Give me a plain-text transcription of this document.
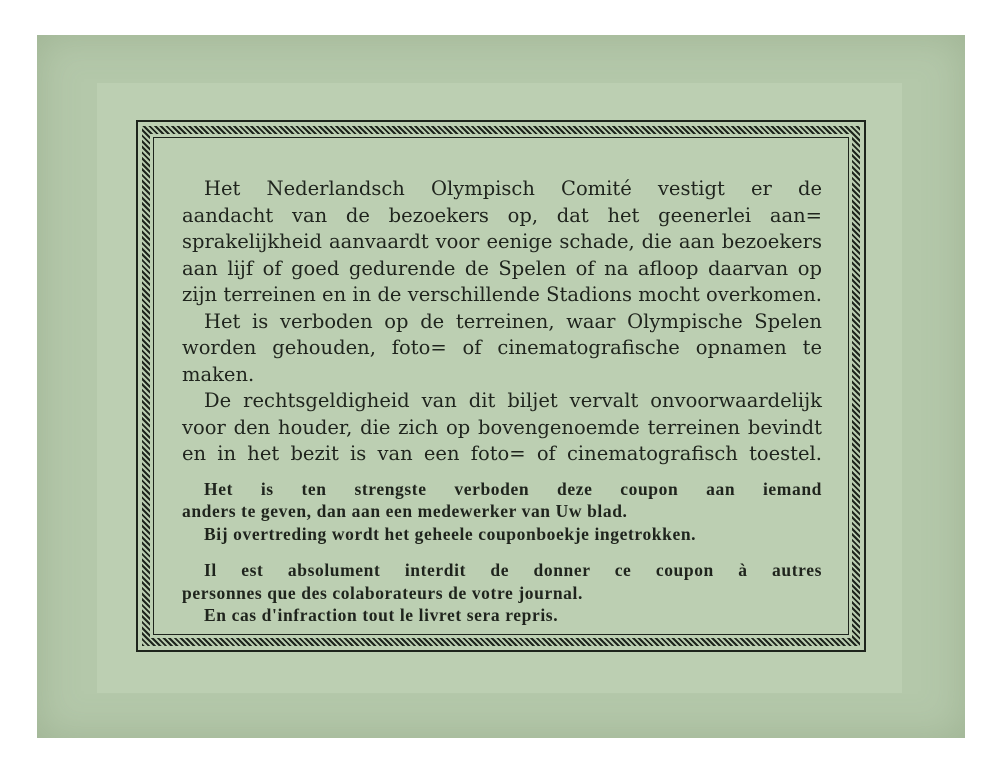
Het Nederlandsch Olympisch Comité vestigt er de
aandacht van de bezoekers op, dat het geenerlei aan=
sprakelijkheid aanvaardt voor eenige schade, die aan bezoekers
aan lijf of goed gedurende de Spelen of na afloop daarvan op
zijn terreinen en in de verschillende Stadions mocht overkomen.
Het is verboden op de terreinen, waar Olympische Spelen
worden gehouden, foto= of cinematografische opnamen te
maken.
De rechtsgeldigheid van dit biljet vervalt onvoorwaardelijk
voor den houder, die zich op bovengenoemde terreinen bevindt
en in het bezit is van een foto= of cinematografisch toestel.
Het is ten strengste verboden deze coupon aan iemand
anders te geven, dan aan een medewerker van Uw blad.
Bij overtreding wordt het geheele couponboekje ingetrokken.
Il est absolument interdit de donner ce coupon à autres
personnes que des colaborateurs de votre journal.
En cas d'infraction tout le livret sera repris.
